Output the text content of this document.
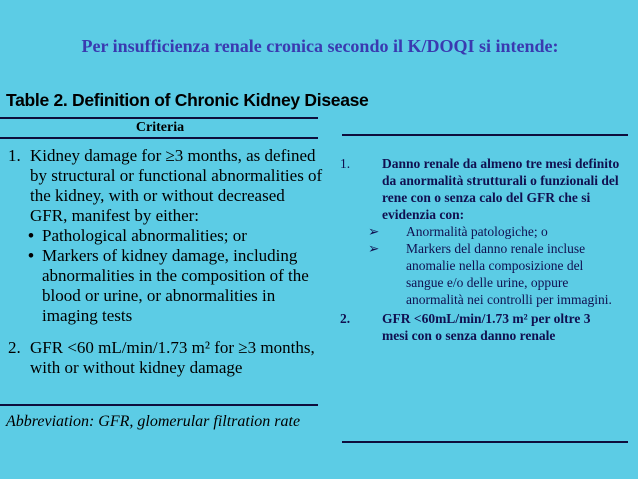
Per insufficienza renale cronica secondo il K/DOQI si intende:
Table 2. Definition of Chronic Kidney Disease
Criteria
1. Kidney damage for ≥3 months, as defined by structural or functional abnormalities of the kidney, with or without decreased GFR, manifest by either:
• Pathological abnormalities; or
• Markers of kidney damage, including abnormalities in the composition of the blood or urine, or abnormalities in imaging tests
2. GFR <60 mL/min/1.73 m² for ≥3 months, with or without kidney damage
Abbreviation: GFR, glomerular filtration rate
1. Danno renale da almeno tre mesi definito da anormalità strutturali o funzionali del rene con o senza calo del GFR che si evidenzia con:
➢ Anormalità patologiche; o
➢ Markers del danno renale incluse anomalie nella composizione del sangue e/o delle urine, oppure anormalità nei controlli per immagini.
2. GFR <60mL/min/1.73 m² per oltre 3 mesi con o senza danno renale
